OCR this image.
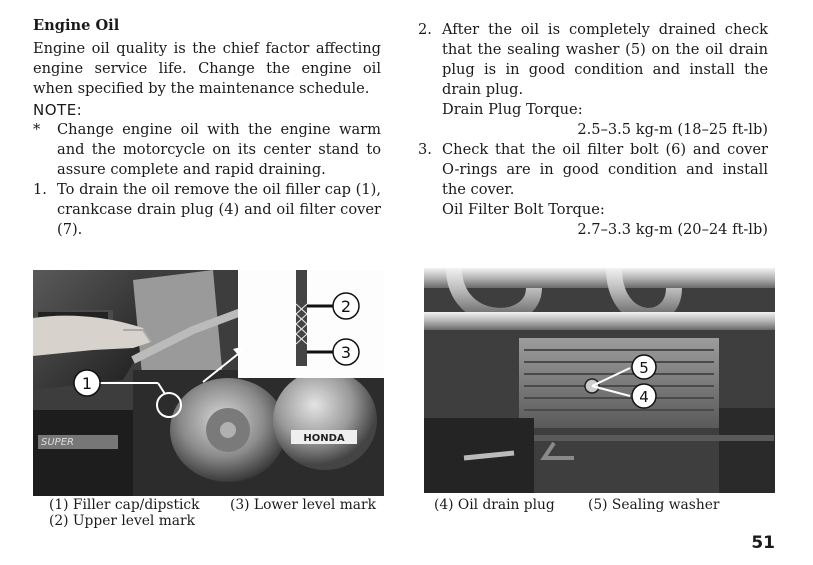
Engine Oil

Engine oil quality is the chief factor affecting engine service life. Change the engine oil when specified by the maintenance schedule.

NOTE:
* Change engine oil with the engine warm and the motorcycle on its center stand to assure complete and rapid draining.

1. To drain the oil remove the oil filler cap (1), crankcase drain plug (4) and oil filter cover (7).

2. After the oil is completely drained check that the sealing washer (5) on the oil drain plug is in good condition and install the drain plug.

Drain Plug Torque:

2.5–3.5 kg-m (18–25 ft-lb)

3. Check that the oil filter bolt (6) and cover O-rings are in good condition and install the cover.

Oil Filter Bolt Torque:

2.7–3.3 kg-m (20–24 ft-lb)

HONDA
SUPER
1
2
3
5
4
(1) Filler cap/dipstick
(2) Upper level mark
(3) Lower level mark	(4) Oil drain plug (5) Sealing washer
51
